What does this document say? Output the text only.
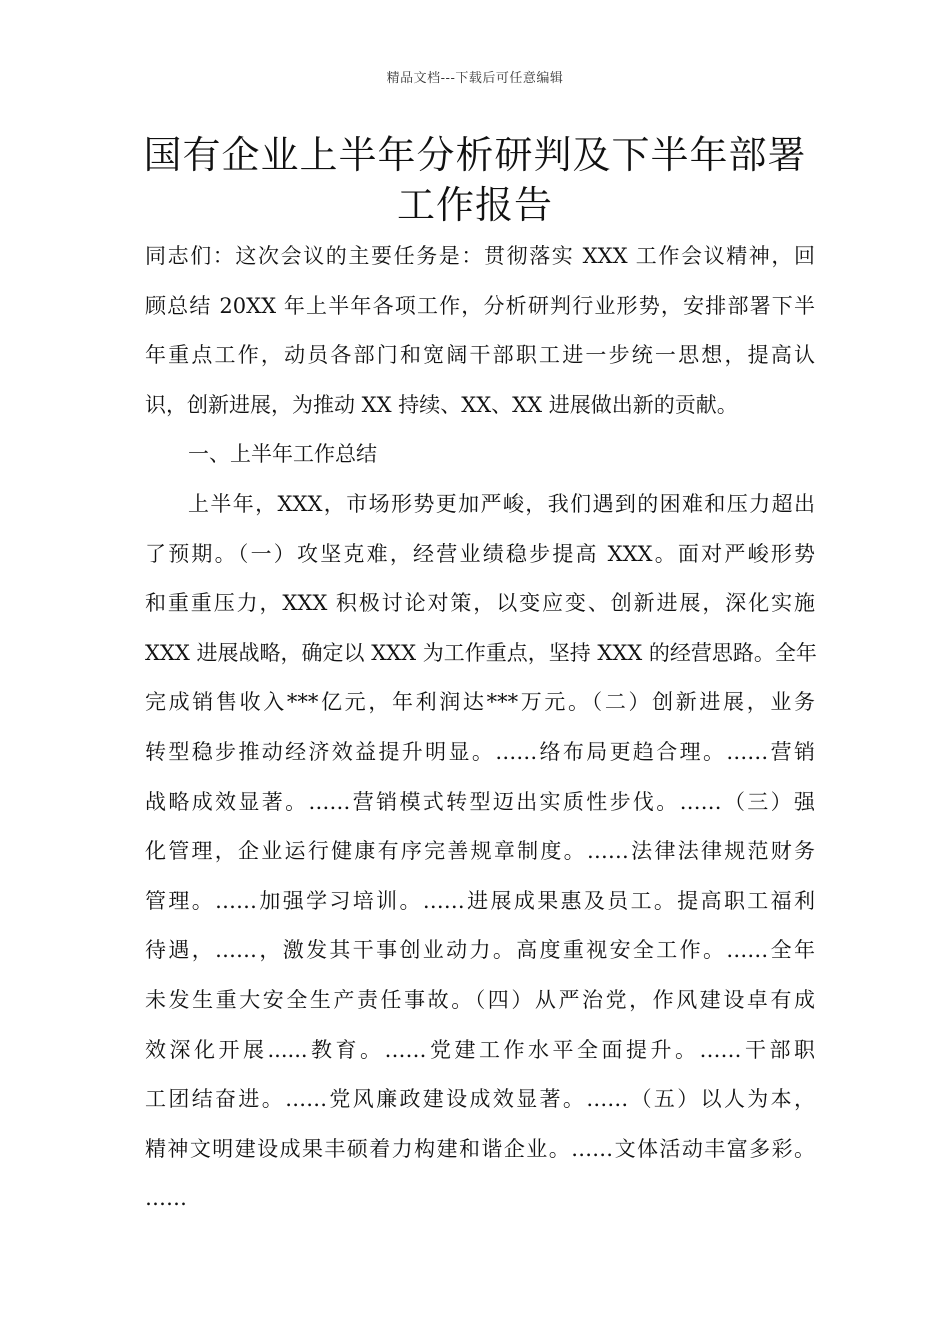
精品文档---下载后可任意编辑
国有企业上半年分析研判及下半年部署
工作报告
同志们：这次会议的主要任务是：贯彻落实 XXX 工作会议精神，回
顾总结 20XX 年上半年各项工作，分析研判行业形势，安排部署下半
年重点工作，动员各部门和宽阔干部职工进一步统一思想，提高认
识，创新进展，为推动 XX 持续、XX、XX 进展做出新的贡献。
一、上半年工作总结
上半年，XXX，市场形势更加严峻，我们遇到的困难和压力超出
了预期。（一）攻坚克难，经营业绩稳步提高 XXX。面对严峻形势
和重重压力，XXX 积极讨论对策，以变应变、创新进展，深化实施
XXX 进展战略，确定以 XXX 为工作重点，坚持 XXX 的经营思路。全年
完成销售收入***亿元，年利润达***万元。（二）创新进展，业务
转型稳步推动经济效益提升明显。……络布局更趋合理。……营销
战略成效显著。……营销模式转型迈出实质性步伐。……（三）强
化管理，企业运行健康有序完善规章制度。……法律法律规范财务
管理。……加强学习培训。……进展成果惠及员工。提高职工福利
待遇，……，激发其干事创业动力。高度重视安全工作。……全年
未发生重大安全生产责任事故。（四）从严治党，作风建设卓有成
效深化开展......教育。……党建工作水平全面提升。……干部职
工团结奋进。……党风廉政建设成效显著。……（五）以人为本，
精神文明建设成果丰硕着力构建和谐企业。……文体活动丰富多彩。
……
